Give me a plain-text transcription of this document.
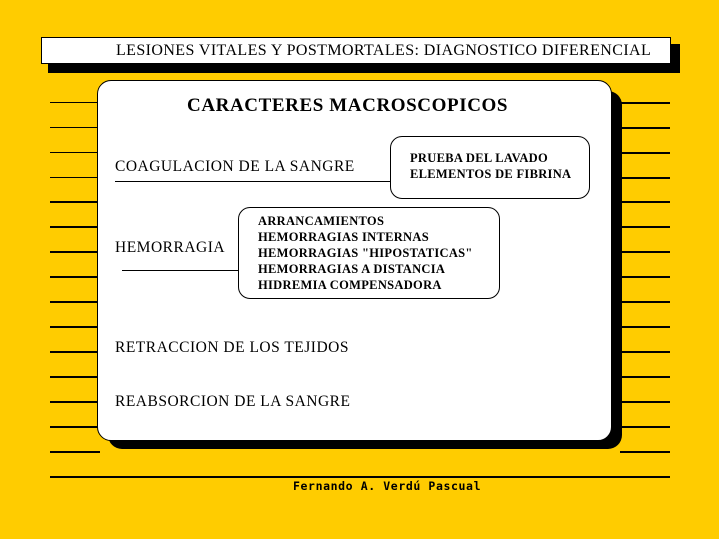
LESIONES VITALES Y POSTMORTALES: DIAGNOSTICO DIFERENCIAL
CARACTERES MACROSCOPICOS
COAGULACION DE LA SANGRE	PRUEBA DEL LAVADO
ELEMENTOS DE FIBRINA
HEMORRAGIA
ARRANCAMIENTOS
HEMORRAGIAS INTERNAS
HEMORRAGIAS "HIPOSTATICAS"
HEMORRAGIAS A DISTANCIA
HIDREMIA COMPENSADORA
RETRACCION DE LOS TEJIDOS
REABSORCION DE LA SANGRE
Fernando A. Verdú Pascual
